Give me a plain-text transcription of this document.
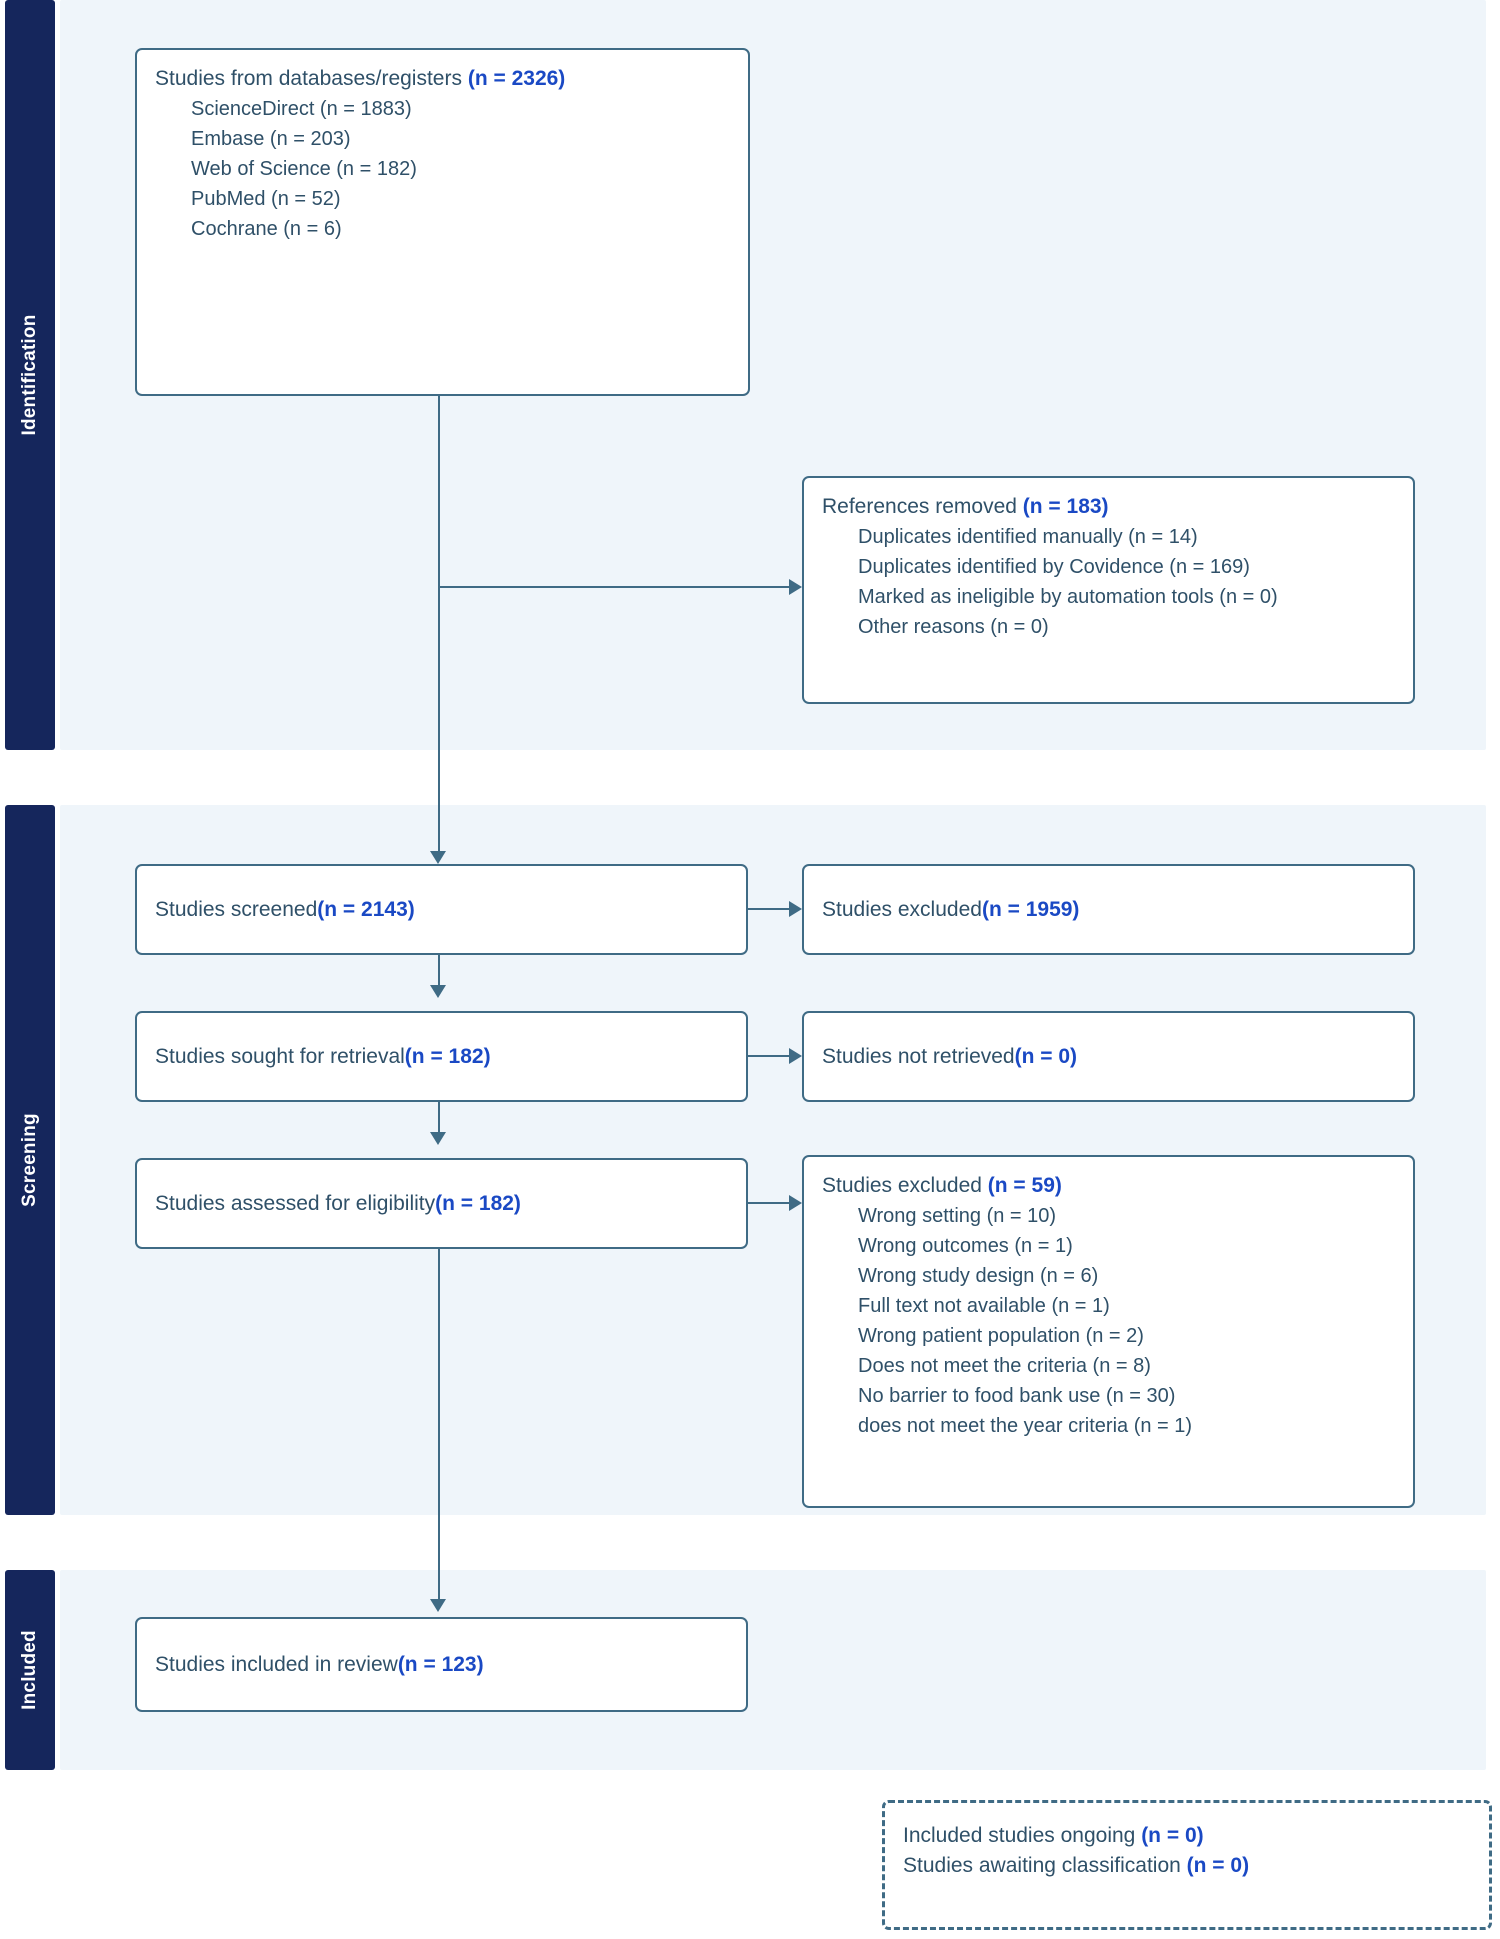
Identification
Screening
Included
Studies from databases/registers (n = 2326)
ScienceDirect (n = 1883)
Embase (n = 203)
Web of Science (n = 182)
PubMed (n = 52)
Cochrane (n = 6)
References removed (n = 183)
Duplicates identified manually (n = 14)
Duplicates identified by Covidence (n = 169)
Marked as ineligible by automation tools (n = 0)
Other reasons (n = 0)
Studies screened (n = 2143)	Studies excluded (n = 1959)
Studies sought for retrieval (n = 182)	Studies not retrieved (n = 0)
Studies assessed for eligibility (n = 182)
Studies excluded (n = 59)
Wrong setting (n = 10)
Wrong outcomes (n = 1)
Wrong study design (n = 6)
Full text not available (n = 1)
Wrong patient population (n = 2)
Does not meet the criteria (n = 8)
No barrier to food bank use (n = 30)
does not meet the year criteria (n = 1)
Studies included in review (n = 123)
Included studies ongoing (n = 0)
Studies awaiting classification (n = 0)
